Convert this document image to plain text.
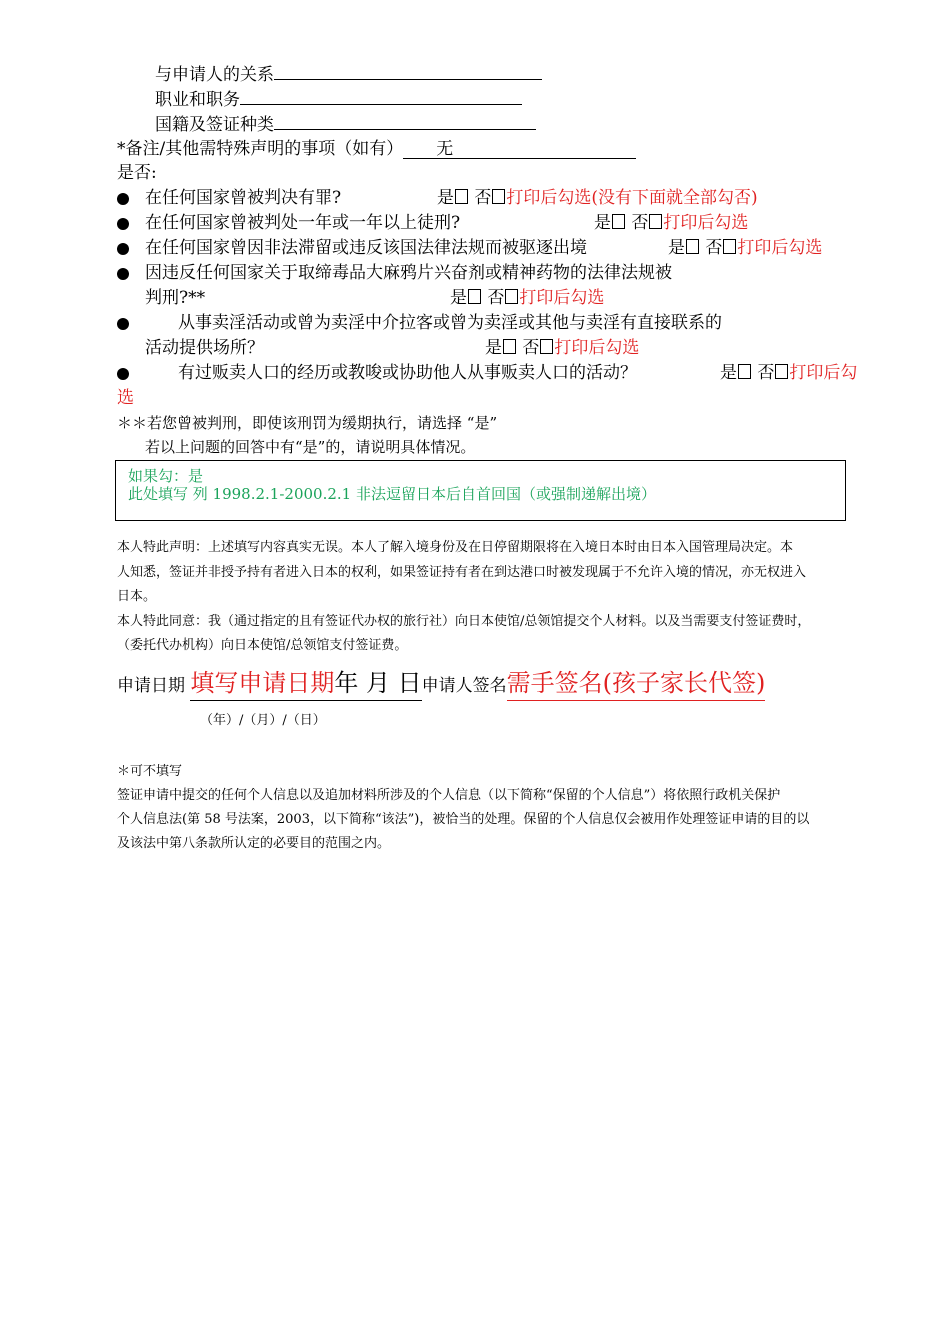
与申请人的关系
职业和职务
国籍及签证种类
*备注/其他需特殊声明的事项（如有） 无
是否:
在任何国家曾被判决有罪?	是 否 打印后勾选(没有下面就全部勾否)
在任何国家曾被判处一年或一年以上徒刑?	是 否 打印后勾选
在任何国家曾因非法滞留或违反该国法律法规而被驱逐出境	是 否 打印后勾选
因违反任何国家关于取缔毒品大麻鸦片兴奋剂或精神药物的法律法规被
判刑?**	是 否 打印后勾选
从事卖淫活动或曾为卖淫中介拉客或曾为卖淫或其他与卖淫有直接联系的
活动提供场所？	是 否 打印后勾选
有过贩卖人口的经历或教唆或协助他人从事贩卖人口的活动？	是 否 打印后勾
选
＊＊若您曾被判刑，即使该刑罚为缓期执行，请选择 “是”
若以上问题的回答中有“是”的，请说明具体情况。
如果勾：是
此处填写 列 1998.2.1-2000.2.1 非法逗留日本后自首回国（或强制递解出境）
本人特此声明：上述填写内容真实无误。本人了解入境身份及在日停留期限将在入境日本时由日本入国管理局决定。本
人知悉，签证并非授予持有者进入日本的权利，如果签证持有者在到达港口时被发现属于不允许入境的情况，亦无权进入
日本。
本人特此同意：我（通过指定的且有签证代办权的旅行社）向日本使馆/总领馆提交个人材料。以及当需要支付签证费时，
（委托代办机构）向日本使馆/总领馆支付签证费。
申请日期 填写申请日期年 月 日申请人签名需手签名(孩子家长代签)
（年）/（月）/（日）
＊可不填写
签证申请中提交的任何个人信息以及追加材料所涉及的个人信息（以下简称“保留的个人信息”）将依照行政机关保护
个人信息法(第 58 号法案，2003，以下简称“该法”)，被恰当的处理。保留的个人信息仅会被用作处理签证申请的目的以
及该法中第八条款所认定的必要目的范围之内。
